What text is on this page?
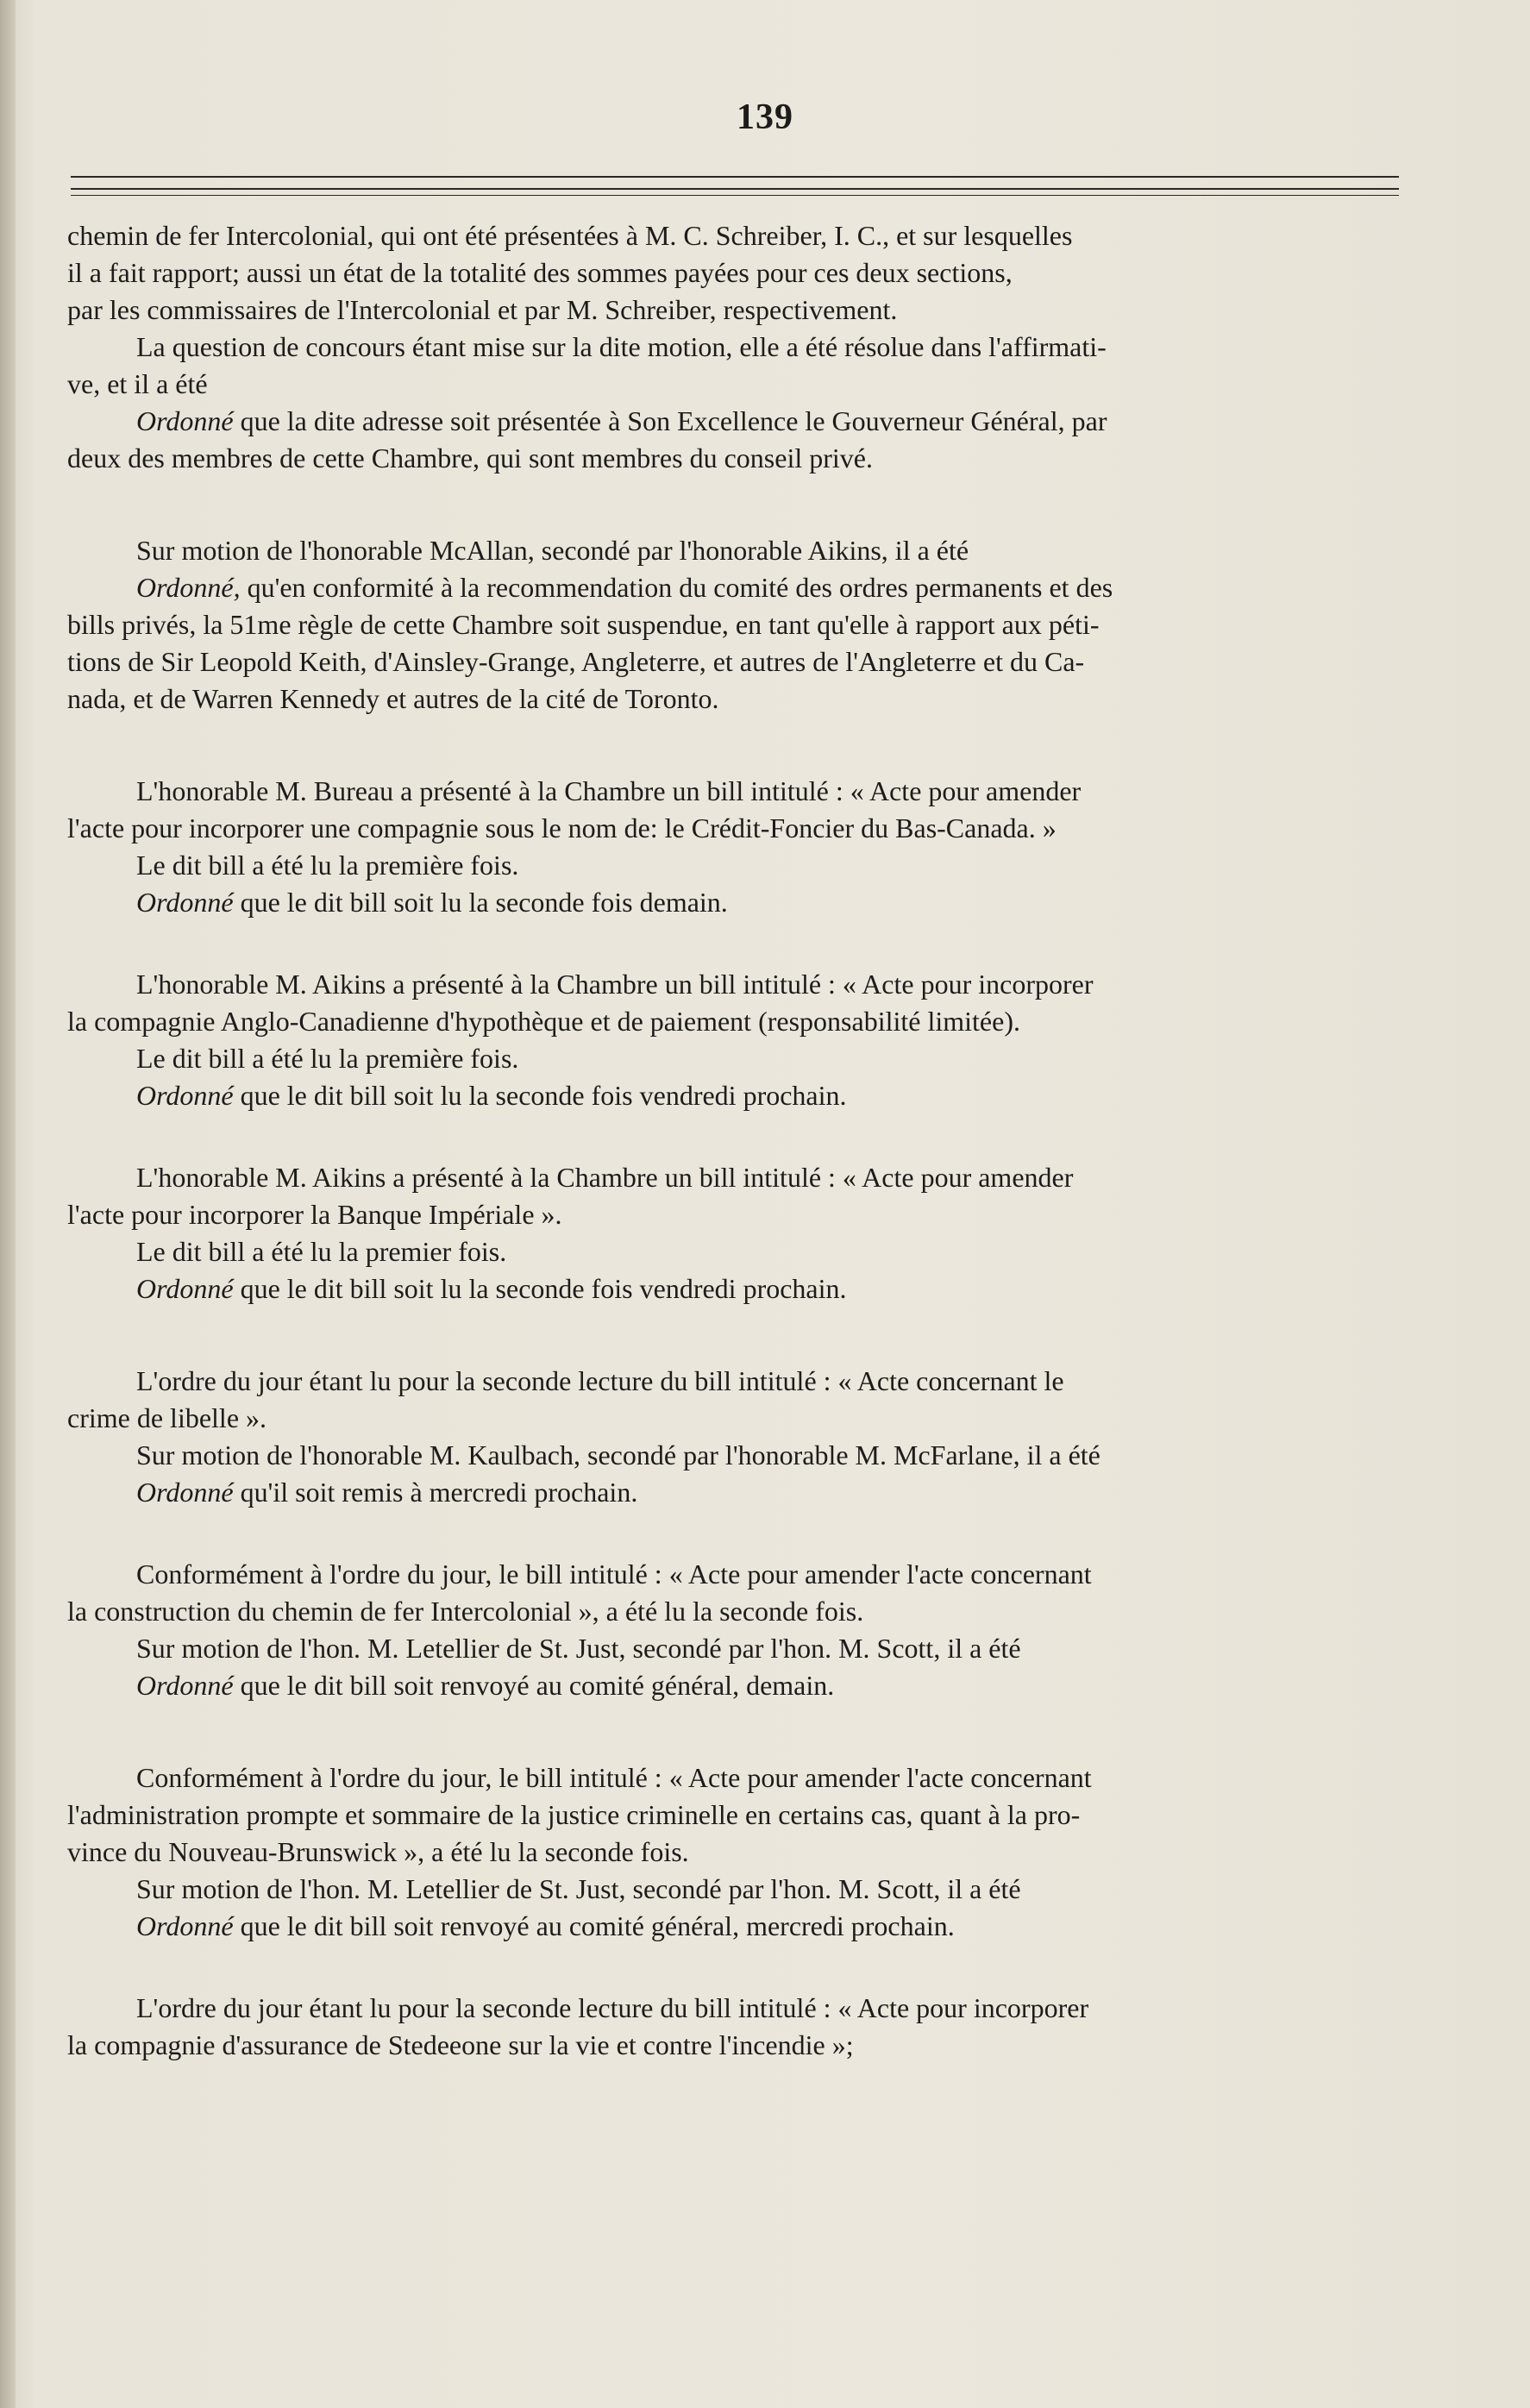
139

chemin de fer Intercolonial, qui ont été présentées à M. C. Schreiber, I. C., et sur lesquelles
il a fait rapport; aussi un état de la totalité des sommes payées pour ces deux sections,
par les commissaires de l'Intercolonial et par M. Schreiber, respectivement.

La question de concours étant mise sur la dite motion, elle a été résolue dans l'affirmati-
ve, et il a été

Ordonné que la dite adresse soit présentée à Son Excellence le Gouverneur Général, par
deux des membres de cette Chambre, qui sont membres du conseil privé.

Sur motion de l'honorable McAllan, secondé par l'honorable Aikins, il a été

Ordonné, qu'en conformité à la recommendation du comité des ordres permanents et des
bills privés, la 51me règle de cette Chambre soit suspendue, en tant qu'elle à rapport aux péti-
tions de Sir Leopold Keith, d'Ainsley-Grange, Angleterre, et autres de l'Angleterre et du Ca-
nada, et de Warren Kennedy et autres de la cité de Toronto.

L'honorable M. Bureau a présenté à la Chambre un bill intitulé : « Acte pour amender
l'acte pour incorporer une compagnie sous le nom de: le Crédit-Foncier du Bas-Canada. »

Le dit bill a été lu la première fois.

Ordonné que le dit bill soit lu la seconde fois demain.

L'honorable M. Aikins a présenté à la Chambre un bill intitulé : « Acte pour incorporer
la compagnie Anglo-Canadienne d'hypothèque et de paiement (responsabilité limitée).

Le dit bill a été lu la première fois.

Ordonné que le dit bill soit lu la seconde fois vendredi prochain.

L'honorable M. Aikins a présenté à la Chambre un bill intitulé : « Acte pour amender
l'acte pour incorporer la Banque Impériale ».

Le dit bill a été lu la premier fois.

Ordonné que le dit bill soit lu la seconde fois vendredi prochain.

L'ordre du jour étant lu pour la seconde lecture du bill intitulé : « Acte concernant le
crime de libelle ».

Sur motion de l'honorable M. Kaulbach, secondé par l'honorable M. McFarlane, il a été

Ordonné qu'il soit remis à mercredi prochain.

Conformément à l'ordre du jour, le bill intitulé : « Acte pour amender l'acte concernant
la construction du chemin de fer Intercolonial », a été lu la seconde fois.

Sur motion de l'hon. M. Letellier de St. Just, secondé par l'hon. M. Scott, il a été

Ordonné que le dit bill soit renvoyé au comité général, demain.

Conformément à l'ordre du jour, le bill intitulé : « Acte pour amender l'acte concernant
l'administration prompte et sommaire de la justice criminelle en certains cas, quant à la pro-
vince du Nouveau-Brunswick », a été lu la seconde fois.

Sur motion de l'hon. M. Letellier de St. Just, secondé par l'hon. M. Scott, il a été

Ordonné que le dit bill soit renvoyé au comité général, mercredi prochain.

L'ordre du jour étant lu pour la seconde lecture du bill intitulé : « Acte pour incorporer
la compagnie d'assurance de Stedeeone sur la vie et contre l'incendie »;
